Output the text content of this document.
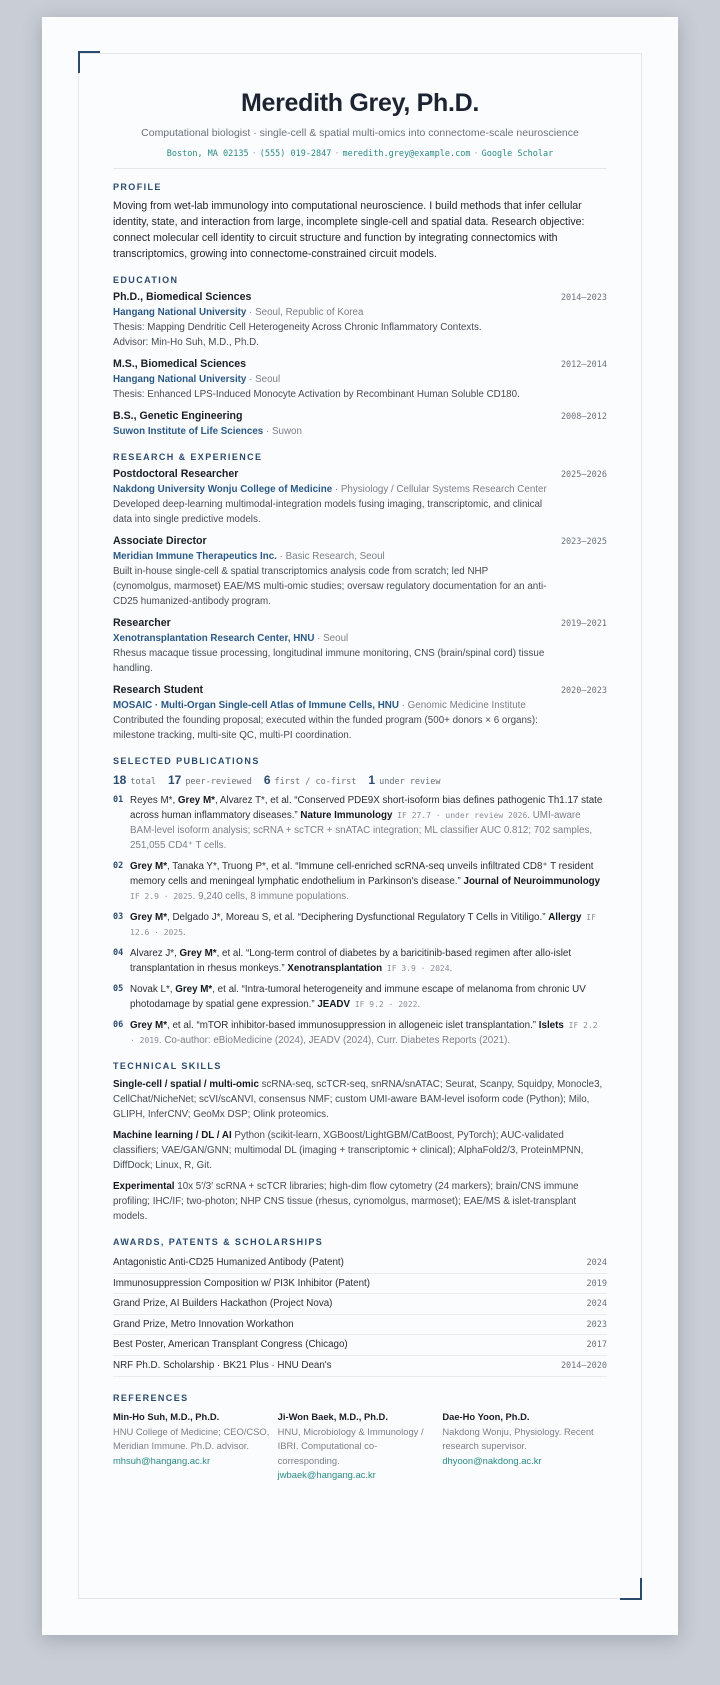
Meredith Grey, Ph.D.
Computational biologist · single-cell & spatial multi-omics into connectome-scale neuroscience
Boston, MA 02135 · (555) 019-2847 · meredith.grey@example.com · Google Scholar
PROFILE
Moving from wet-lab immunology into computational neuroscience. I build methods that infer cellular identity, state, and interaction from large, incomplete single-cell and spatial data. Research objective: connect molecular cell identity to circuit structure and function by integrating connectomics with transcriptomics, growing into connectome-constrained circuit models.
EDUCATION
Ph.D., Biomedical Sciences	2014–2023
Hangang National University · Seoul, Republic of Korea
Thesis: Mapping Dendritic Cell Heterogeneity Across Chronic Inflammatory Contexts.
Advisor: Min-Ho Suh, M.D., Ph.D.
M.S., Biomedical Sciences	2012–2014
Hangang National University · Seoul
Thesis: Enhanced LPS-Induced Monocyte Activation by Recombinant Human Soluble CD180.
B.S., Genetic Engineering	2008–2012
Suwon Institute of Life Sciences · Suwon
RESEARCH & EXPERIENCE
Postdoctoral Researcher	2025–2026
Nakdong University Wonju College of Medicine · Physiology / Cellular Systems Research Center
Developed deep-learning multimodal-integration models fusing imaging, transcriptomic, and clinical data into single predictive models.
Associate Director	2023–2025
Meridian Immune Therapeutics Inc. · Basic Research, Seoul
Built in-house single-cell & spatial transcriptomics analysis code from scratch; led NHP (cynomolgus, marmoset) EAE/MS multi-omic studies; oversaw regulatory documentation for an anti-CD25 humanized-antibody program.
Researcher	2019–2021
Xenotransplantation Research Center, HNU · Seoul
Rhesus macaque tissue processing, longitudinal immune monitoring, CNS (brain/spinal cord) tissue handling.
Research Student	2020–2023
MOSAIC · Multi-Organ Single-cell Atlas of Immune Cells, HNU · Genomic Medicine Institute
Contributed the founding proposal; executed within the funded program (500+ donors × 6 organs): milestone tracking, multi-site QC, multi-PI coordination.
SELECTED PUBLICATIONS
18 total 17 peer-reviewed 6 first / co-first 1 under review
01 Reyes M*, Grey M*, Alvarez T*, et al. “Conserved PDE9X short-isoform bias defines pathogenic Th1.17 state across human inflammatory diseases.” Nature Immunology IF 27.7 · under review 2026. UMI-aware BAM-level isoform analysis; scRNA + scTCR + snATAC integration; ML classifier AUC 0.812; 702 samples, 251,055 CD4⁺ T cells.
02 Grey M*, Tanaka Y*, Truong P*, et al. “Immune cell-enriched scRNA-seq unveils infiltrated CD8⁺ T resident memory cells and meningeal lymphatic endothelium in Parkinson's disease.” Journal of Neuroimmunology IF 2.9 · 2025. 9,240 cells, 8 immune populations.
03 Grey M*, Delgado J*, Moreau S, et al. “Deciphering Dysfunctional Regulatory T Cells in Vitiligo.” Allergy IF 12.6 · 2025.
04 Alvarez J*, Grey M*, et al. “Long-term control of diabetes by a baricitinib-based regimen after allo-islet transplantation in rhesus monkeys.” Xenotransplantation IF 3.9 · 2024.
05 Novak L*, Grey M*, et al. “Intra-tumoral heterogeneity and immune escape of melanoma from chronic UV photodamage by spatial gene expression.” JEADV IF 9.2 · 2022.
06 Grey M*, et al. “mTOR inhibitor-based immunosuppression in allogeneic islet transplantation.” Islets IF 2.2 · 2019. Co-author: eBioMedicine (2024), JEADV (2024), Curr. Diabetes Reports (2021).
TECHNICAL SKILLS
Single-cell / spatial / multi-omic scRNA-seq, scTCR-seq, snRNA/snATAC; Seurat, Scanpy, Squidpy, Monocle3, CellChat/NicheNet; scVI/scANVI, consensus NMF; custom UMI-aware BAM-level isoform code (Python); Milo, GLIPH, InferCNV; GeoMx DSP; Olink proteomics.
Machine learning / DL / AI Python (scikit-learn, XGBoost/LightGBM/CatBoost, PyTorch); AUC-validated classifiers; VAE/GAN/GNN; multimodal DL (imaging + transcriptomic + clinical); AlphaFold2/3, ProteinMPNN, DiffDock; Linux, R, Git.
Experimental 10x 5′/3′ scRNA + scTCR libraries; high-dim flow cytometry (24 markers); brain/CNS immune profiling; IHC/IF; two-photon; NHP CNS tissue (rhesus, cynomolgus, marmoset); EAE/MS & islet-transplant models.
AWARDS, PATENTS & SCHOLARSHIPS
Antagonistic Anti-CD25 Humanized Antibody (Patent)	2024
Immunosuppression Composition w/ PI3K Inhibitor (Patent)	2019
Grand Prize, AI Builders Hackathon (Project Nova)	2024
Grand Prize, Metro Innovation Workathon	2023
Best Poster, American Transplant Congress (Chicago)	2017
NRF Ph.D. Scholarship · BK21 Plus · HNU Dean's	2014–2020
REFERENCES
Min-Ho Suh, M.D., Ph.D.
HNU College of Medicine; CEO/CSO, Meridian Immune. Ph.D. advisor.
mhsuh@hangang.ac.kr
Ji-Won Baek, M.D., Ph.D.
HNU, Microbiology & Immunology / IBRI. Computational co-corresponding.
jwbaek@hangang.ac.kr
Dae-Ho Yoon, Ph.D.
Nakdong Wonju, Physiology. Recent research supervisor.
dhyoon@nakdong.ac.kr
